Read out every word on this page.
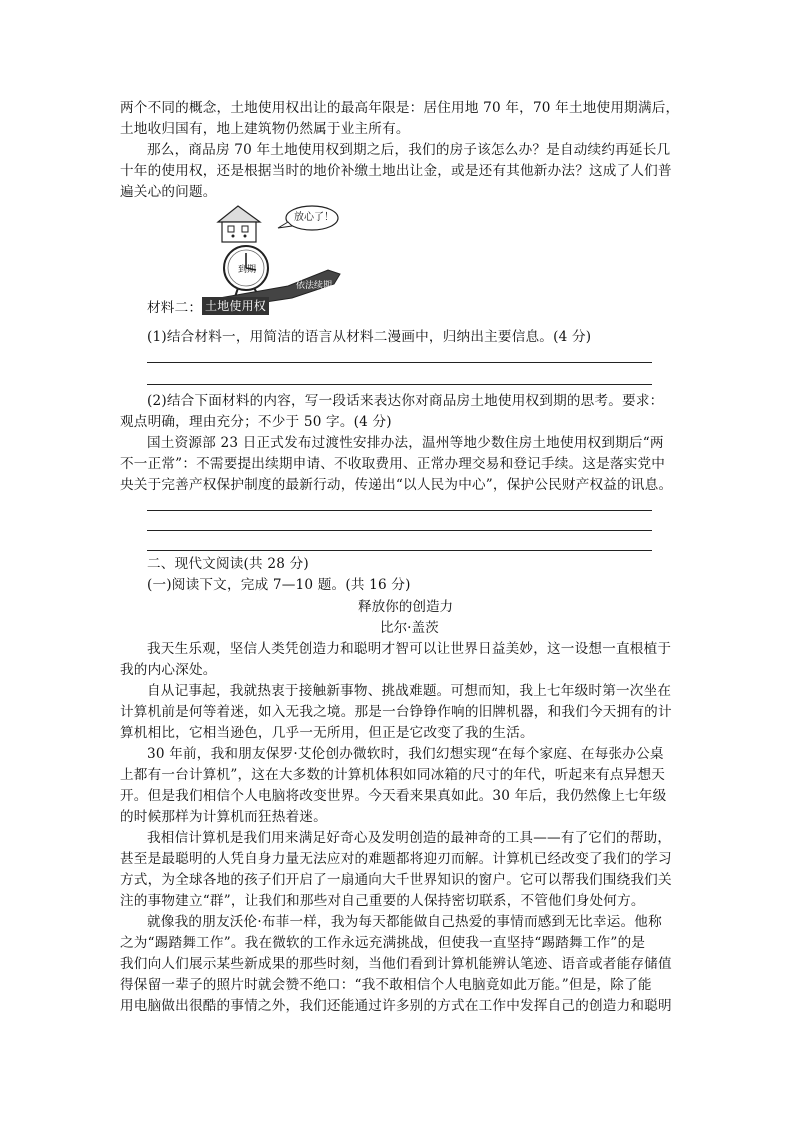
两个不同的概念，土地使用权出让的最高年限是：居住用地 70 年，70 年土地使用期满后，
土地收归国有，地上建筑物仍然属于业主所有。
那么，商品房 70 年土地使用权到期之后，我们的房子该怎么办？是自动续约再延长几
十年的使用权，还是根据当时的地价补缴土地出让金，或是还有其他新办法？这成了人们普
遍关心的问题。
放心了！
到期
依法续期
材料二： 土地使用权
(1)结合材料一，用简洁的语言从材料二漫画中，归纳出主要信息。(4 分)
(2)结合下面材料的内容，写一段话来表达你对商品房土地使用权到期的思考。要求：
观点明确，理由充分；不少于 50 字。(4 分)
国土资源部 23 日正式发布过渡性安排办法，温州等地少数住房土地使用权到期后“两
不一正常”：不需要提出续期申请、不收取费用、正常办理交易和登记手续。这是落实党中
央关于完善产权保护制度的最新行动，传递出“以人民为中心”，保护公民财产权益的讯息。
二、现代文阅读(共 28 分)
(一)阅读下文，完成 7—10 题。(共 16 分)
释放你的创造力
比尔·盖茨
我天生乐观，坚信人类凭创造力和聪明才智可以让世界日益美妙，这一设想一直根植于
我的内心深处。
自从记事起，我就热衷于接触新事物、挑战难题。可想而知，我上七年级时第一次坐在
计算机前是何等着迷，如入无我之境。那是一台铮铮作响的旧牌机器，和我们今天拥有的计
算机相比，它相当逊色，几乎一无所用，但正是它改变了我的生活。
30 年前，我和朋友保罗·艾伦创办微软时，我们幻想实现“在每个家庭、在每张办公桌
上都有一台计算机”，这在大多数的计算机体积如同冰箱的尺寸的年代，听起来有点异想天
开。但是我们相信个人电脑将改变世界。今天看来果真如此。30 年后，我仍然像上七年级
的时候那样为计算机而狂热着迷。
我相信计算机是我们用来满足好奇心及发明创造的最神奇的工具——有了它们的帮助，
甚至是最聪明的人凭自身力量无法应对的难题都将迎刃而解。计算机已经改变了我们的学习
方式，为全球各地的孩子们开启了一扇通向大千世界知识的窗户。它可以帮我们围绕我们关
注的事物建立“群”，让我们和那些对自己重要的人保持密切联系，不管他们身处何方。
就像我的朋友沃伦·布菲一样，我为每天都能做自己热爱的事情而感到无比幸运。他称
之为“踢踏舞工作”。我在微软的工作永远充满挑战，但使我一直坚持“踢踏舞工作”的是
我们向人们展示某些新成果的那些时刻，当他们看到计算机能辨认笔迹、语音或者能存储值
得保留一辈子的照片时就会赞不绝口：“我不敢相信个人电脑竟如此万能。”但是，除了能
用电脑做出很酷的事情之外，我们还能通过许多别的方式在工作中发挥自己的创造力和聪明
